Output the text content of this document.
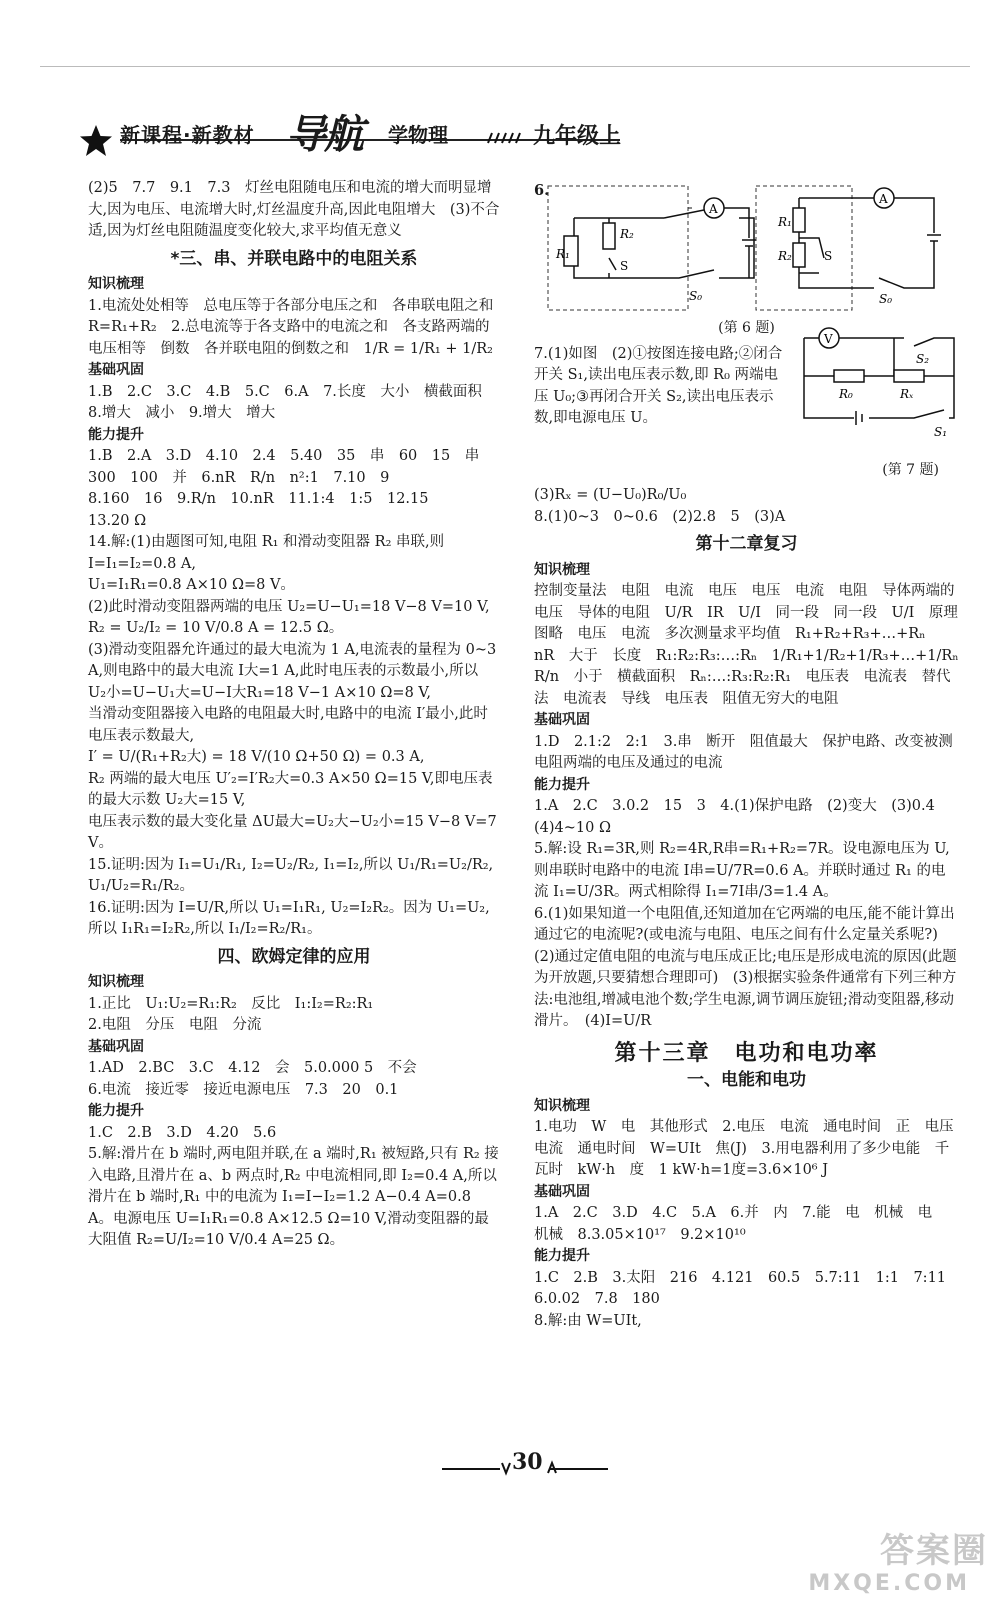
新课程·新教材 导航 学物理	九年级上

(2)5　7.7　9.1　7.3　灯丝电阻随电压和电流的增大而明显增大,因为电压、电流增大时,灯丝温度升高,因此电阻增大　(3)不合适,因为灯丝电阻随温度变化较大,求平均值无意义

*三、串、并联电路中的电阻关系
知识梳理

1.电流处处相等　总电压等于各部分电压之和　各串联电阻之和　R=R₁+R₂　2.总电流等于各支路中的电流之和　各支路两端的电压相等　倒数　各并联电阻的倒数之和　1/R = 1/R₁ + 1/R₂

基础巩固

1.B　2.C　3.C　4.B　5.C　6.A　7.长度　大小　横截面积　8.增大　减小　9.增大　增大

能力提升

1.B　2.A　3.D　4.10　2.4　5.40　35　串　60　15　串　300　100　并　6.nR　R/n　n²:1　7.10　9

8.160　16　9.R/n　10.nR　11.1:4　1:5　12.15

13.20 Ω

14.解:(1)由题图可知,电阻 R₁ 和滑动变阻器 R₂ 串联,则 I=I₁=I₂=0.8 A,

U₁=I₁R₁=0.8 A×10 Ω=8 V。

(2)此时滑动变阻器两端的电压 U₂=U−U₁=18 V−8 V=10 V,

R₂ = U₂/I₂ = 10 V/0.8 A = 12.5 Ω。

(3)滑动变阻器允许通过的最大电流为 1 A,电流表的量程为 0~3 A,则电路中的最大电流 I大=1 A,此时电压表的示数最小,所以 U₂小=U−U₁大=U−I大R₁=18 V−1 A×10 Ω=8 V,

当滑动变阻器接入电路的电阻最大时,电路中的电流 I′最小,此时电压表示数最大,

I′ = U/(R₁+R₂大) = 18 V/(10 Ω+50 Ω) = 0.3 A,

R₂ 两端的最大电压 U′₂=I′R₂大=0.3 A×50 Ω=15 V,即电压表的最大示数 U₂大=15 V,

电压表示数的最大变化量 ΔU最大=U₂大−U₂小=15 V−8 V=7 V。

15.证明:因为 I₁=U₁/R₁, I₂=U₂/R₂, I₁=I₂,所以 U₁/R₁=U₂/R₂, U₁/U₂=R₁/R₂。

16.证明:因为 I=U/R,所以 U₁=I₁R₁, U₂=I₂R₂。因为 U₁=U₂,所以 I₁R₁=I₂R₂,所以 I₁/I₂=R₂/R₁。

四、欧姆定律的应用
知识梳理

1.正比　U₁:U₂=R₁:R₂　反比　I₁:I₂=R₂:R₁

2.电阻　分压　电阻　分流

基础巩固

1.AD　2.BC　3.C　4.12　会　5.0.000 5　不会

6.电流　接近零　接近电源电压　7.3　20　0.1

能力提升

1.C　2.B　3.D　4.20　5.6

5.解:滑片在 b 端时,两电阻并联,在 a 端时,R₁ 被短路,只有 R₂ 接入电路,且滑片在 a、b 两点时,R₂ 中电流相同,即 I₂=0.4 A,所以滑片在 b 端时,R₁ 中的电流为 I₁=I−I₂=1.2 A−0.4 A=0.8 A。电源电压 U=I₁R₁=0.8 A×12.5 Ω=10 V,滑动变阻器的最大阻值 R₂=U/I₂=10 V/0.4 A=25 Ω。

6.
R₁
R₂
S
A
S₀
R₁
R₂	S
A
S₀
(第 6 题)

7.(1)如图　(2)①按图连接电路;②闭合开关 S₁,读出电压表示数,即 R₀ 两端电压 U₀;③再闭合开关 S₂,读出电压表示数,即电源电压 U。

V
R₀	Rₓ
S₂
S₁
(第 7 题)

(3)Rₓ = (U−U₀)R₀/U₀

8.(1)0~3　0~0.6　(2)2.8　5　(3)A

第十二章复习
知识梳理

控制变量法　电阻　电流　电压　电压　电流　电阻　导体两端的电压　导体的电阻　U/R　IR　U/I　同一段　同一段　U/I　原理图略　电压　电流　多次测量求平均值　R₁+R₂+R₃+…+Rₙ　nR　大于　长度　R₁:R₂:R₃:…:Rₙ　1/R₁+1/R₂+1/R₃+…+1/Rₙ　R/n　小于　横截面积　Rₙ:…:R₃:R₂:R₁　电压表　电流表　替代法　电流表　导线　电压表　阻值无穷大的电阻

基础巩固

1.D　2.1:2　2:1　3.串　断开　阻值最大　保护电路、改变被测电阻两端的电压及通过的电流

能力提升

1.A　2.C　3.0.2　15　3　4.(1)保护电路　(2)变大　(3)0.4　(4)4~10 Ω

5.解:设 R₁=3R,则 R₂=4R,R串=R₁+R₂=7R。设电源电压为 U,则串联时电路中的电流 I串=U/7R=0.6 A。并联时通过 R₁ 的电流 I₁=U/3R。两式相除得 I₁=7I串/3=1.4 A。

6.(1)如果知道一个电阻值,还知道加在它两端的电压,能不能计算出通过它的电流呢?(或电流与电阻、电压之间有什么定量关系呢?)　(2)通过定值电阻的电流与电压成正比;电压是形成电流的原因(此题为开放题,只要猜想合理即可)　(3)根据实验条件通常有下列三种方法:电池组,增减电池个数;学生电源,调节调压旋钮;滑动变阻器,移动滑片。　(4)I=U/R

第十三章　电功和电功率
一、电能和电功
知识梳理

1.电功　W　电　其他形式　2.电压　电流　通电时间　正　电压　电流　通电时间　W=UIt　焦(J)　3.用电器利用了多少电能　千瓦时　kW·h　度　1 kW·h=1度=3.6×10⁶ J

基础巩固

1.A　2.C　3.D　4.C　5.A　6.并　内　7.能　电　机械　电　机械　8.3.05×10¹⁷　9.2×10¹⁰

能力提升

1.C　2.B　3.太阳　216　4.121　60.5　5.7:11　1:1　7:11　6.0.02　7.8　180

8.解:由 W=UIt,

30
答案圈
MXQE.COM
